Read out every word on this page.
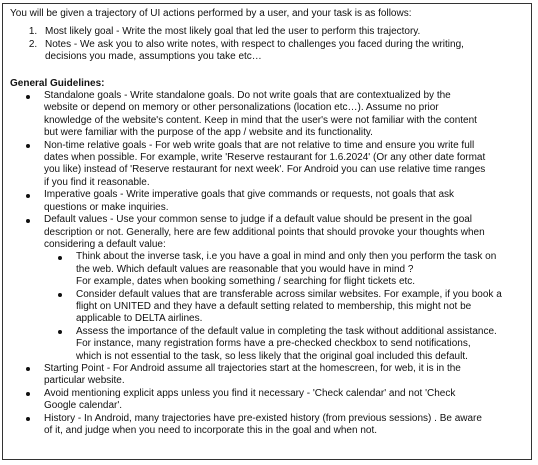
You will be given a trajectory of UI actions performed by a user, and your task is as follows:

1. Most likely goal - Write the most likely goal that led the user to perform this trajectory.
2. Notes - We ask you to also write notes, with respect to challenges you faced during the writing,
decisions you made, assumptions you take etc…

General Guidelines:

Standalone goals - Write standalone goals. Do not write goals that are contextualized by the
website or depend on memory or other personalizations (location etc…). Assume no prior
knowledge of the website's content. Keep in mind that the user's were not familiar with the content
but were familiar with the purpose of the app / website and its functionality.
Non-time relative goals - For web write goals that are not relative to time and ensure you write full
dates when possible. For example, write 'Reserve restaurant for 1.6.2024' (Or any other date format
you like) instead of 'Reserve restaurant for next week'. For Android you can use relative time ranges
if you find it reasonable.
Imperative goals - Write imperative goals that give commands or requests, not goals that ask
questions or make inquiries.
Default values - Use your common sense to judge if a default value should be present in the goal
description or not. Generally, here are few additional points that should provoke your thoughts when
considering a default value:
Think about the inverse task, i.e you have a goal in mind and only then you perform the task on
the web. Which default values are reasonable that you would have in mind ?
For example, dates when booking something / searching for flight tickets etc.
Consider default values that are transferable across similar websites. For example, if you book a
flight on UNITED and they have a default setting related to membership, this might not be
applicable to DELTA airlines.
Assess the importance of the default value in completing the task without additional assistance.
For instance, many registration forms have a pre-checked checkbox to send notifications,
which is not essential to the task, so less likely that the original goal included this default.
Starting Point - For Android assume all trajectories start at the homescreen, for web, it is in the
particular website.
Avoid mentioning explicit apps unless you find it necessary - 'Check calendar' and not 'Check
Google calendar'.
History - In Android, many trajectories have pre-existed history (from previous sessions) . Be aware
of it, and judge when you need to incorporate this in the goal and when not.
